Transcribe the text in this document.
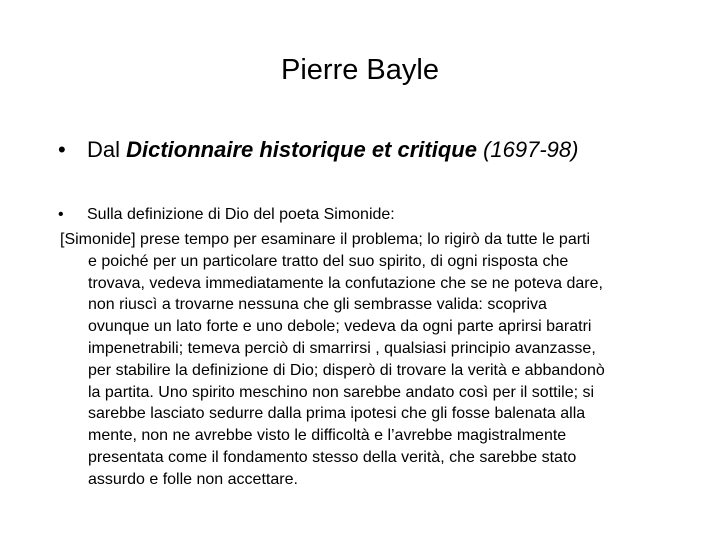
Pierre Bayle
• Dal Dictionnaire historique et critique (1697-98)
• Sulla definizione di Dio del poeta Simonide:
[Simonide] prese tempo per esaminare il problema; lo rigirò da tutte le parti
e poiché per un particolare tratto del suo spirito, di ogni risposta che
trovava, vedeva immediatamente la confutazione che se ne poteva dare,
non riuscì a trovarne nessuna che gli sembrasse valida: scopriva
ovunque un lato forte e uno debole; vedeva da ogni parte aprirsi baratri
impenetrabili; temeva perciò di smarrirsi , qualsiasi principio avanzasse,
per stabilire la definizione di Dio; disperò di trovare la verità e abbandonò
la partita. Uno spirito meschino non sarebbe andato così per il sottile; si
sarebbe lasciato sedurre dalla prima ipotesi che gli fosse balenata alla
mente, non ne avrebbe visto le difficoltà e l’avrebbe magistralmente
presentata come il fondamento stesso della verità, che sarebbe stato
assurdo e folle non accettare.
